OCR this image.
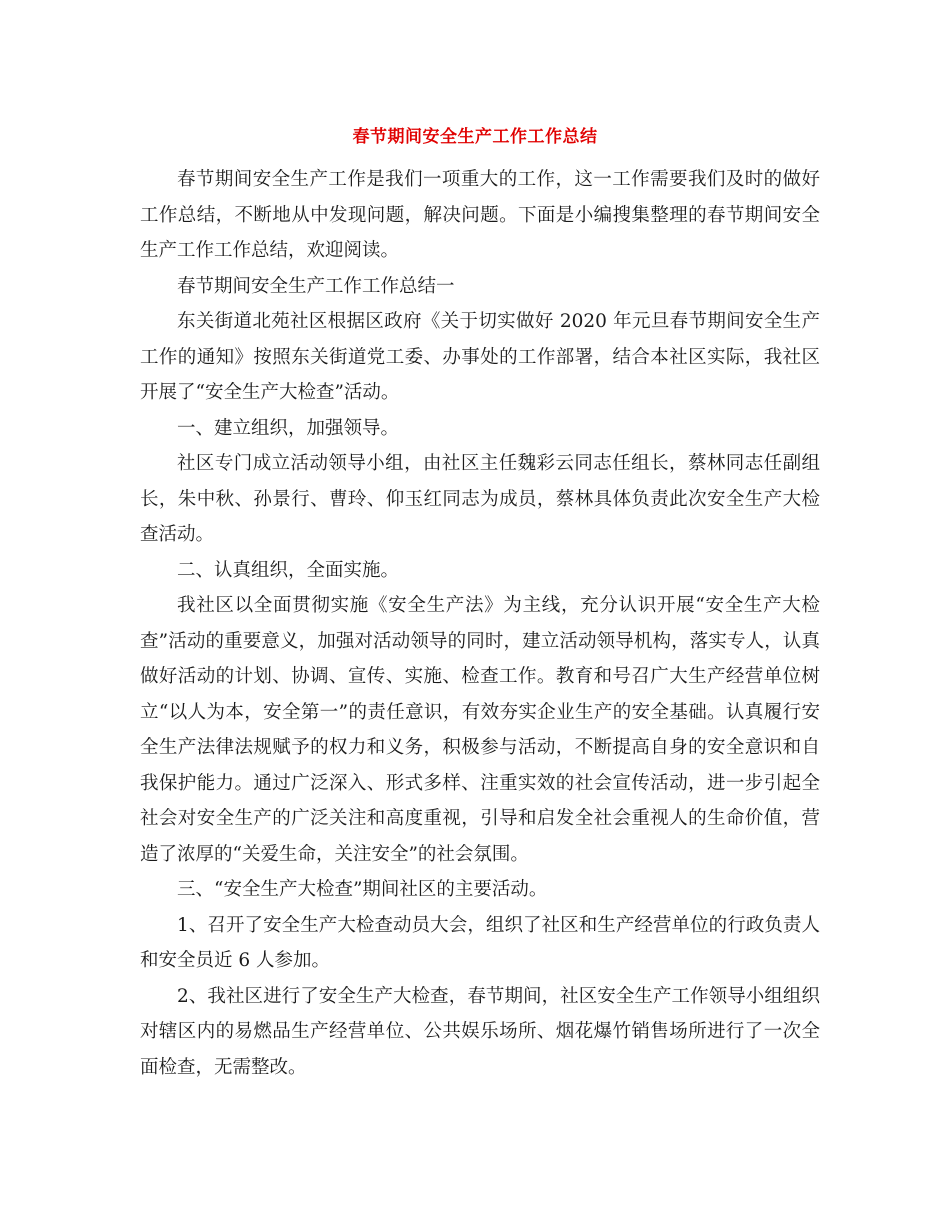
春节期间安全生产工作工作总结

春节期间安全生产工作是我们一项重大的工作，这一工作需要我们及时的做好工作总结，不断地从中发现问题，解决问题。下面是小编搜集整理的春节期间安全生产工作工作总结，欢迎阅读。

春节期间安全生产工作工作总结一

东关街道北苑社区根据区政府《关于切实做好 2020 年元旦春节期间安全生产工作的通知》按照东关街道党工委、办事处的工作部署，结合本社区实际，我社区开展了“安全生产大检查”活动。

一、建立组织，加强领导。

社区专门成立活动领导小组，由社区主任魏彩云同志任组长，蔡林同志任副组长，朱中秋、孙景行、曹玲、仰玉红同志为成员，蔡林具体负责此次安全生产大检查活动。

二、认真组织，全面实施。

我社区以全面贯彻实施《安全生产法》为主线，充分认识开展“安全生产大检查”活动的重要意义，加强对活动领导的同时，建立活动领导机构，落实专人，认真做好活动的计划、协调、宣传、实施、检查工作。教育和号召广大生产经营单位树立“以人为本，安全第一”的责任意识，有效夯实企业生产的安全基础。认真履行安全生产法律法规赋予的权力和义务，积极参与活动，不断提高自身的安全意识和自我保护能力。通过广泛深入、形式多样、注重实效的社会宣传活动，进一步引起全社会对安全生产的广泛关注和高度重视，引导和启发全社会重视人的生命价值，营造了浓厚的“关爱生命，关注安全”的社会氛围。

三、“安全生产大检查”期间社区的主要活动。

1、召开了安全生产大检查动员大会，组织了社区和生产经营单位的行政负责人和安全员近 6 人参加。

2、我社区进行了安全生产大检查，春节期间，社区安全生产工作领导小组组织对辖区内的易燃品生产经营单位、公共娱乐场所、烟花爆竹销售场所进行了一次全面检查，无需整改。
